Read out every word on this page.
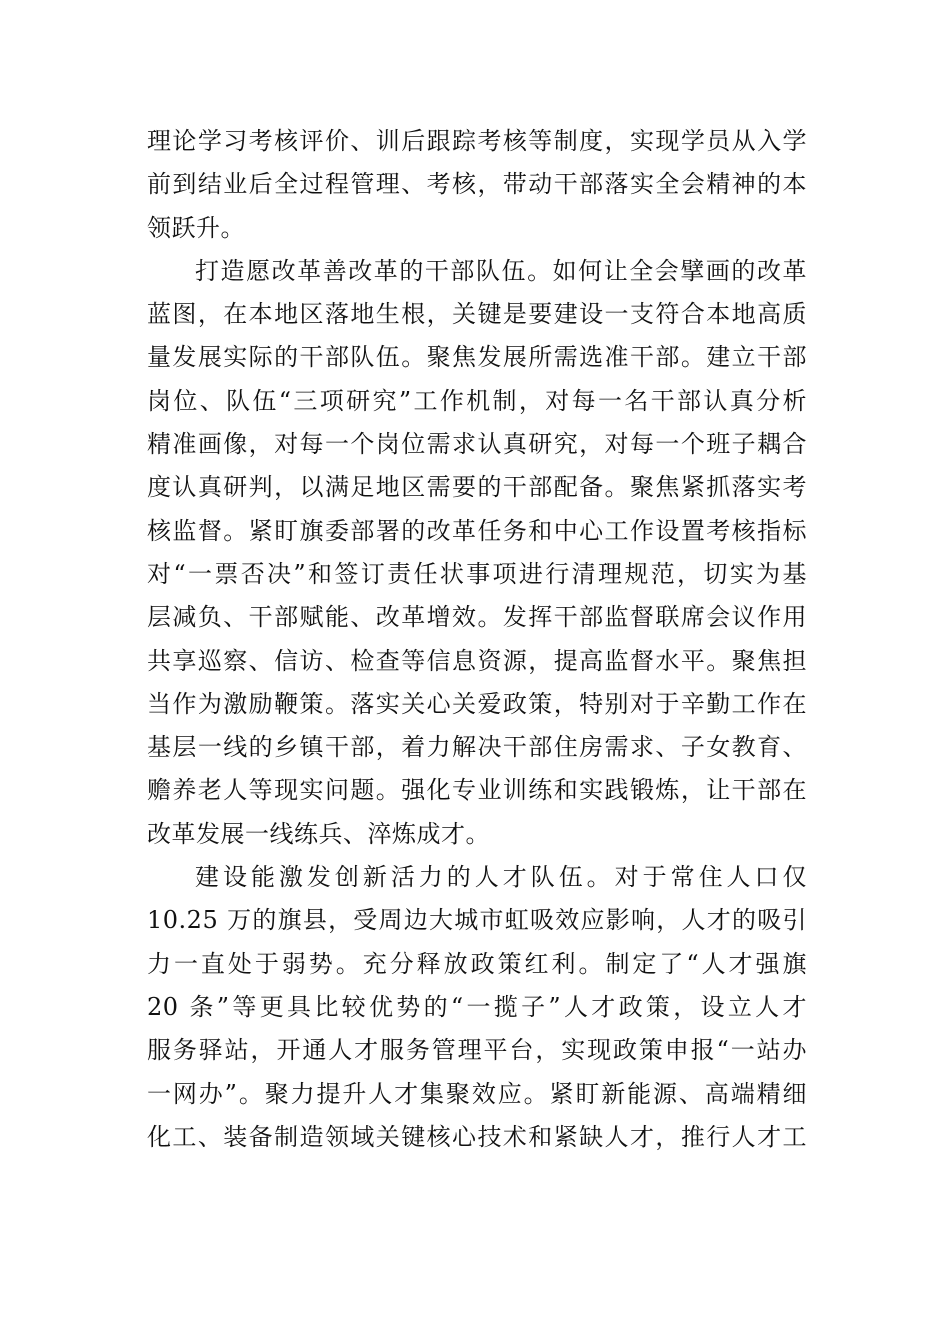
理论学习考核评价、训后跟踪考核等制度，实现学员从入学
前到结业后全过程管理、考核，带动干部落实全会精神的本
领跃升。
打造愿改革善改革的干部队伍。如何让全会擘画的改革
蓝图，在本地区落地生根，关键是要建设一支符合本地高质
量发展实际的干部队伍。聚焦发展所需选准干部。建立干部
岗位、队伍“三项研究”工作机制，对每一名干部认真分析
精准画像，对每一个岗位需求认真研究，对每一个班子耦合
度认真研判，以满足地区需要的干部配备。聚焦紧抓落实考
核监督。紧盯旗委部署的改革任务和中心工作设置考核指标
对“一票否决”和签订责任状事项进行清理规范，切实为基
层减负、干部赋能、改革增效。发挥干部监督联席会议作用
共享巡察、信访、检查等信息资源，提高监督水平。聚焦担
当作为激励鞭策。落实关心关爱政策，特别对于辛勤工作在
基层一线的乡镇干部，着力解决干部住房需求、子女教育、
赡养老人等现实问题。强化专业训练和实践锻炼，让干部在
改革发展一线练兵、淬炼成才。
建设能激发创新活力的人才队伍。对于常住人口仅
10.25 万的旗县，受周边大城市虹吸效应影响，人才的吸引
力一直处于弱势。充分释放政策红利。制定了“人才强旗
20 条”等更具比较优势的“一揽子”人才政策，设立人才
服务驿站，开通人才服务管理平台，实现政策申报“一站办
一网办”。聚力提升人才集聚效应。紧盯新能源、高端精细
化工、装备制造领域关键核心技术和紧缺人才，推行人才工
